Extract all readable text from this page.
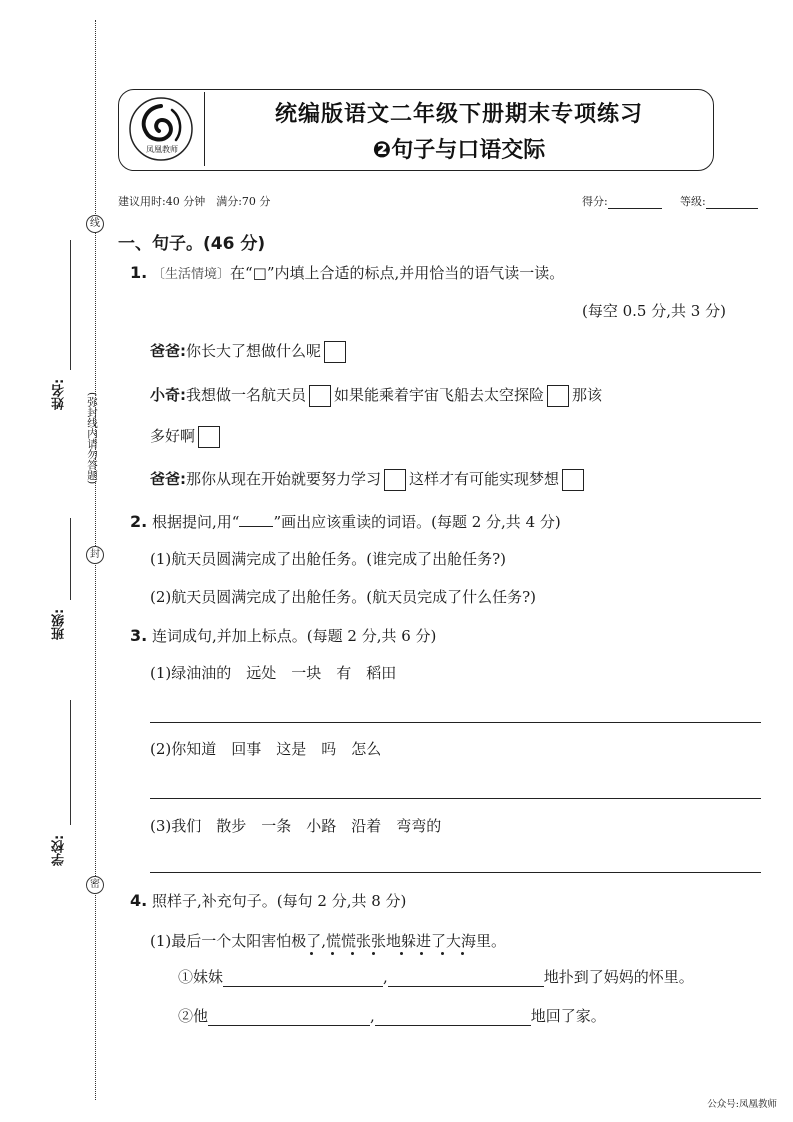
线
封
密
姓名:	(弥封线内请勿答题)
班级:
学校:
凤凰教师
统编版语文二年级下册期末专项练习
❷句子与口语交际
建议用时:40 分钟　满分:70 分	得分:	等级:
一、句子。(46 分)
1. 〔生活情境〕在“□”内填上合适的标点,并用恰当的语气读一读。
(每空 0.5 分,共 3 分)
爸爸:你长大了想做什么呢
小奇:我想做一名航天员 如果能乘着宇宙飞船去太空探险 那该
多好啊
爸爸:那你从现在开始就要努力学习 这样才有可能实现梦想
2. 根据提问,用“ ”画出应该重读的词语。(每题 2 分,共 4 分)
(1)航天员圆满完成了出舱任务。(谁完成了出舱任务?)
(2)航天员圆满完成了出舱任务。(航天员完成了什么任务?)
3. 连词成句,并加上标点。(每题 2 分,共 6 分)
(1)绿油油的　远处　一块　有　稻田
(2)你知道　回事　这是　吗　怎么
(3)我们　散步　一条　小路　沿着　弯弯的
4. 照样子,补充句子。(每句 2 分,共 8 分)
(1)最后一个太阳害怕极了,慌慌张张地躲进了大海里。
①妹妹	,	地扑到了妈妈的怀里。
②他	,	地回了家。
公众号:凤凰教师
